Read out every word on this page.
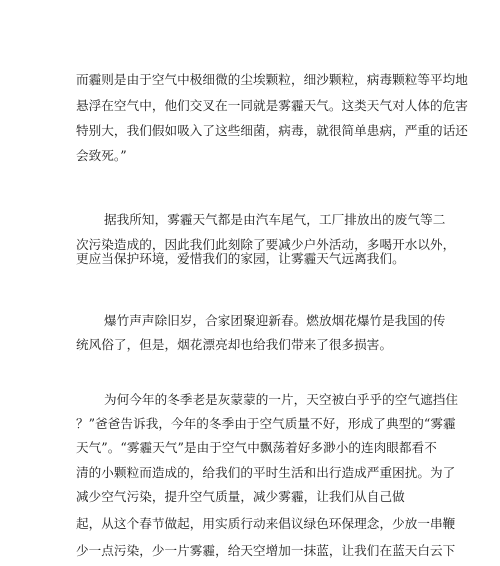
而霾则是由于空气中极细微的尘埃颗粒，细沙颗粒，病毒颗粒等平均地
悬浮在空气中，他们交叉在一同就是雾霾天气。这类天气对人体的危害
特别大，我们假如吸入了这些细菌，病毒，就很简单患病，严重的话还
会致死。”
据我所知，雾霾天气都是由汽车尾气，工厂排放出的废气等二
次污染造成的，因此我们此刻除了要减少户外活动，多喝开水以外，
更应当保护环境，爱惜我们的家园，让雾霾天气远离我们。
爆竹声声除旧岁，合家团聚迎新春。燃放烟花爆竹是我国的传
统风俗了，但是，烟花漂亮却也给我们带来了很多损害。
为何今年的冬季老是灰蒙蒙的一片，天空被白乎乎的空气遮挡住
？”爸爸告诉我，今年的冬季由于空气质量不好，形成了典型的“雾霾
天气”。“雾霾天气”是由于空气中飘荡着好多渺小的连肉眼都看不
清的小颗粒而造成的，给我们的平时生活和出行造成严重困扰。为了
减少空气污染，提升空气质量，减少雾霾，让我们从自己做
起，从这个春节做起，用实质行动来倡议绿色环保理念，少放一串鞭
少一点污染，少一片雾霾，给天空增加一抹蓝，让我们在蓝天白云下
